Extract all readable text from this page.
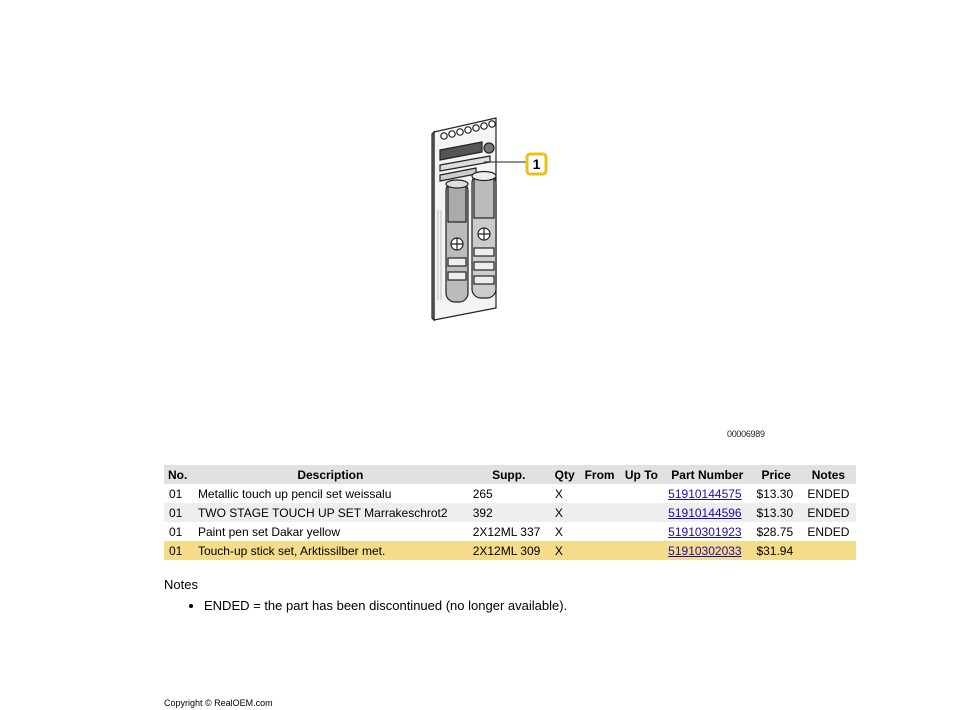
1
00006989
No.	Description	Supp.	Qty	From	Up To	Part Number	Price	Notes
01	Metallic touch up pencil set weissalu	265	X			51910144575	$13.30	ENDED
01	TWO STAGE TOUCH UP SET Marrakeschrot2	392	X			51910144596	$13.30	ENDED
01	Paint pen set Dakar yellow	2X12ML 337	X			51910301923	$28.75	ENDED
01	Touch-up stick set, Arktissilber met.	2X12ML 309	X			51910302033	$31.94	
Notes
• ENDED = the part has been discontinued (no longer available).
Copyright © RealOEM.com
